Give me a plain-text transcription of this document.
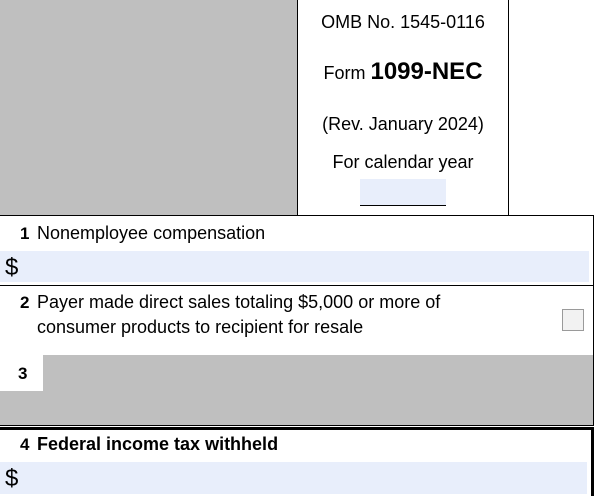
OMB No. 1545-0116
Form 1099-NEC
(Rev. January 2024)
For calendar year
1 Nonemployee compensation
$
2 Payer made direct sales totaling $5,000 or more of
consumer products to recipient for resale
3
4 Federal income tax withheld
$
